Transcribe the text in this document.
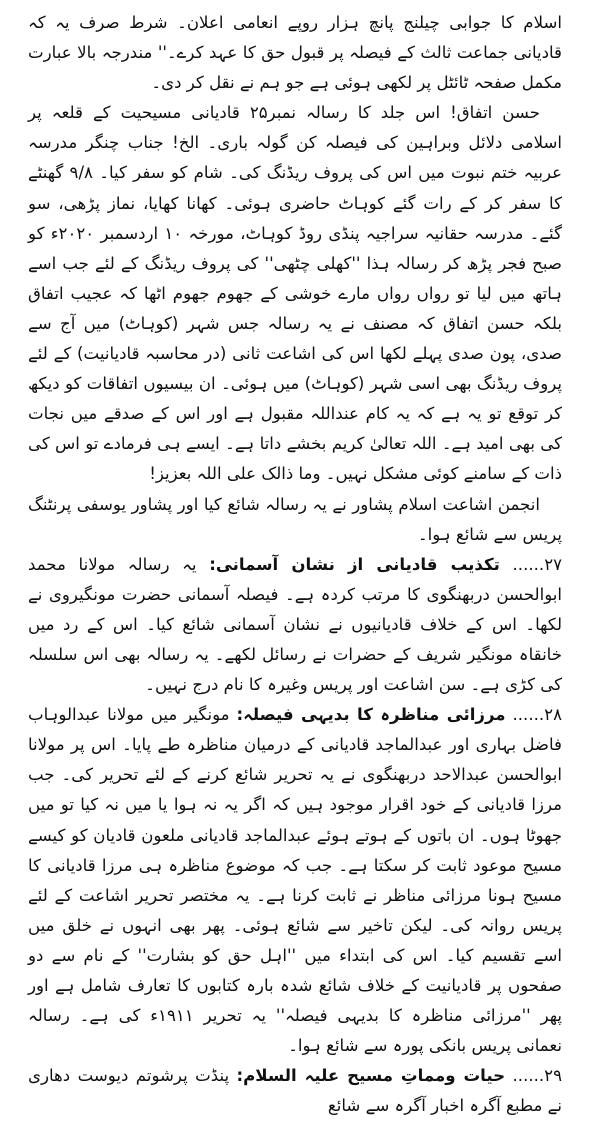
اسلام کا جوابی چیلنج پانچ ہزار روپے انعامی اعلان۔ شرط صرف یہ کہ قادیانی جماعت ثالث کے فیصلہ پر قبول حق کا عہد کرے۔'' مندرجہ بالا عبارت مکمل صفحہ ٹائٹل پر لکھی ہوئی ہے جو ہم نے نقل کر دی۔

حسن اتفاق! اس جلد کا رسالہ نمبر۲۵ قادیانی مسیحیت کے قلعہ پر اسلامی دلائل وبراہین کی فیصلہ کن گولہ باری۔ الخ! جناب چنگر مدرسہ عربیہ ختم نبوت میں اس کی پروف ریڈنگ کی۔ شام کو سفر کیا۔ ۹/۸ گھنٹے کا سفر کر کے رات گئے کوہاٹ حاضری ہوئی۔ کھانا کھایا، نماز پڑھی، سو گئے۔ مدرسہ حقانیہ سراجیہ پنڈی روڈ کوہاٹ، مورخہ ۱۰ اردسمبر ۲۰۲۰ء کو صبح فجر پڑھ کر رسالہ ہذا ''کھلی چٹھی'' کی پروف ریڈنگ کے لئے جب اسے ہاتھ میں لیا تو رواں رواں مارے خوشی کے جھوم جھوم اٹھا کہ عجیب اتفاق بلکہ حسن اتفاق کہ مصنف نے یہ رسالہ جس شہر (کوہاٹ) میں آج سے صدی، پون صدی پہلے لکھا اس کی اشاعت ثانی (در محاسبہ قادیانیت) کے لئے پروف ریڈنگ بھی اسی شہر (کوہاٹ) میں ہوئی۔ ان بیسیوں اتفاقات کو دیکھ کر توقع تو یہ ہے کہ یہ کام عنداللہ مقبول ہے اور اس کے صدقے میں نجات کی بھی امید ہے۔ اللہ تعالیٰ کریم بخشے داتا ہے۔ ایسے ہی فرمادے تو اس کی ذات کے سامنے کوئی مشکل نہیں۔ وما ذالک علی اللہ بعزیز!

انجمن اشاعت اسلام پشاور نے یہ رسالہ شائع کیا اور پشاور یوسفی پرنٹنگ پریس سے شائع ہوا۔

۲۷...... تکذیب قادیانی از نشان آسمانی: یہ رسالہ مولانا محمد ابوالحسن دربھنگوی کا مرتب کردہ ہے۔ فیصلہ آسمانی حضرت مونگیروی نے لکھا۔ اس کے خلاف قادیانیوں نے نشان آسمانی شائع کیا۔ اس کے رد میں خانقاہ مونگیر شریف کے حضرات نے رسائل لکھے۔ یہ رسالہ بھی اس سلسلہ کی کڑی ہے۔ سن اشاعت اور پریس وغیرہ کا نام درج نہیں۔

۲۸...... مرزائی مناظرہ کا بدیہی فیصلہ: مونگیر میں مولانا عبدالوہاب فاضل بہاری اور عبدالماجد قادیانی کے درمیان مناظرہ طے پایا۔ اس پر مولانا ابوالحسن عبدالاحد دربھنگوی نے یہ تحریر شائع کرنے کے لئے تحریر کی۔ جب مرزا قادیانی کے خود اقرار موجود ہیں کہ اگر یہ نہ ہوا یا میں نہ کیا تو میں جھوٹا ہوں۔ ان باتوں کے ہوتے ہوئے عبدالماجد قادیانی ملعون قادیان کو کیسے مسیح موعود ثابت کر سکتا ہے۔ جب کہ موضوع مناظرہ ہی مرزا قادیانی کا مسیح ہونا مرزائی مناظر نے ثابت کرنا ہے۔ یہ مختصر تحریر اشاعت کے لئے پریس روانہ کی۔ لیکن تاخیر سے شائع ہوئی۔ پھر بھی انہوں نے خلق میں اسے تقسیم کیا۔ اس کی ابتداء میں ''اہل حق کو بشارت'' کے نام سے دو صفحوں پر قادیانیت کے خلاف شائع شدہ بارہ کتابوں کا تعارف شامل ہے اور پھر ''مرزائی مناظرہ کا بدیہی فیصلہ'' یہ تحریر ۱۹۱۱ء کی ہے۔ رسالہ نعمانی پریس بانکی پورہ سے شائع ہوا۔

۲۹...... حیات ومماتِ مسیح علیہ السلام: پنڈت پرشوتم دیوست دھاری نے مطبع آگرہ اخبار آگرہ سے شائع
